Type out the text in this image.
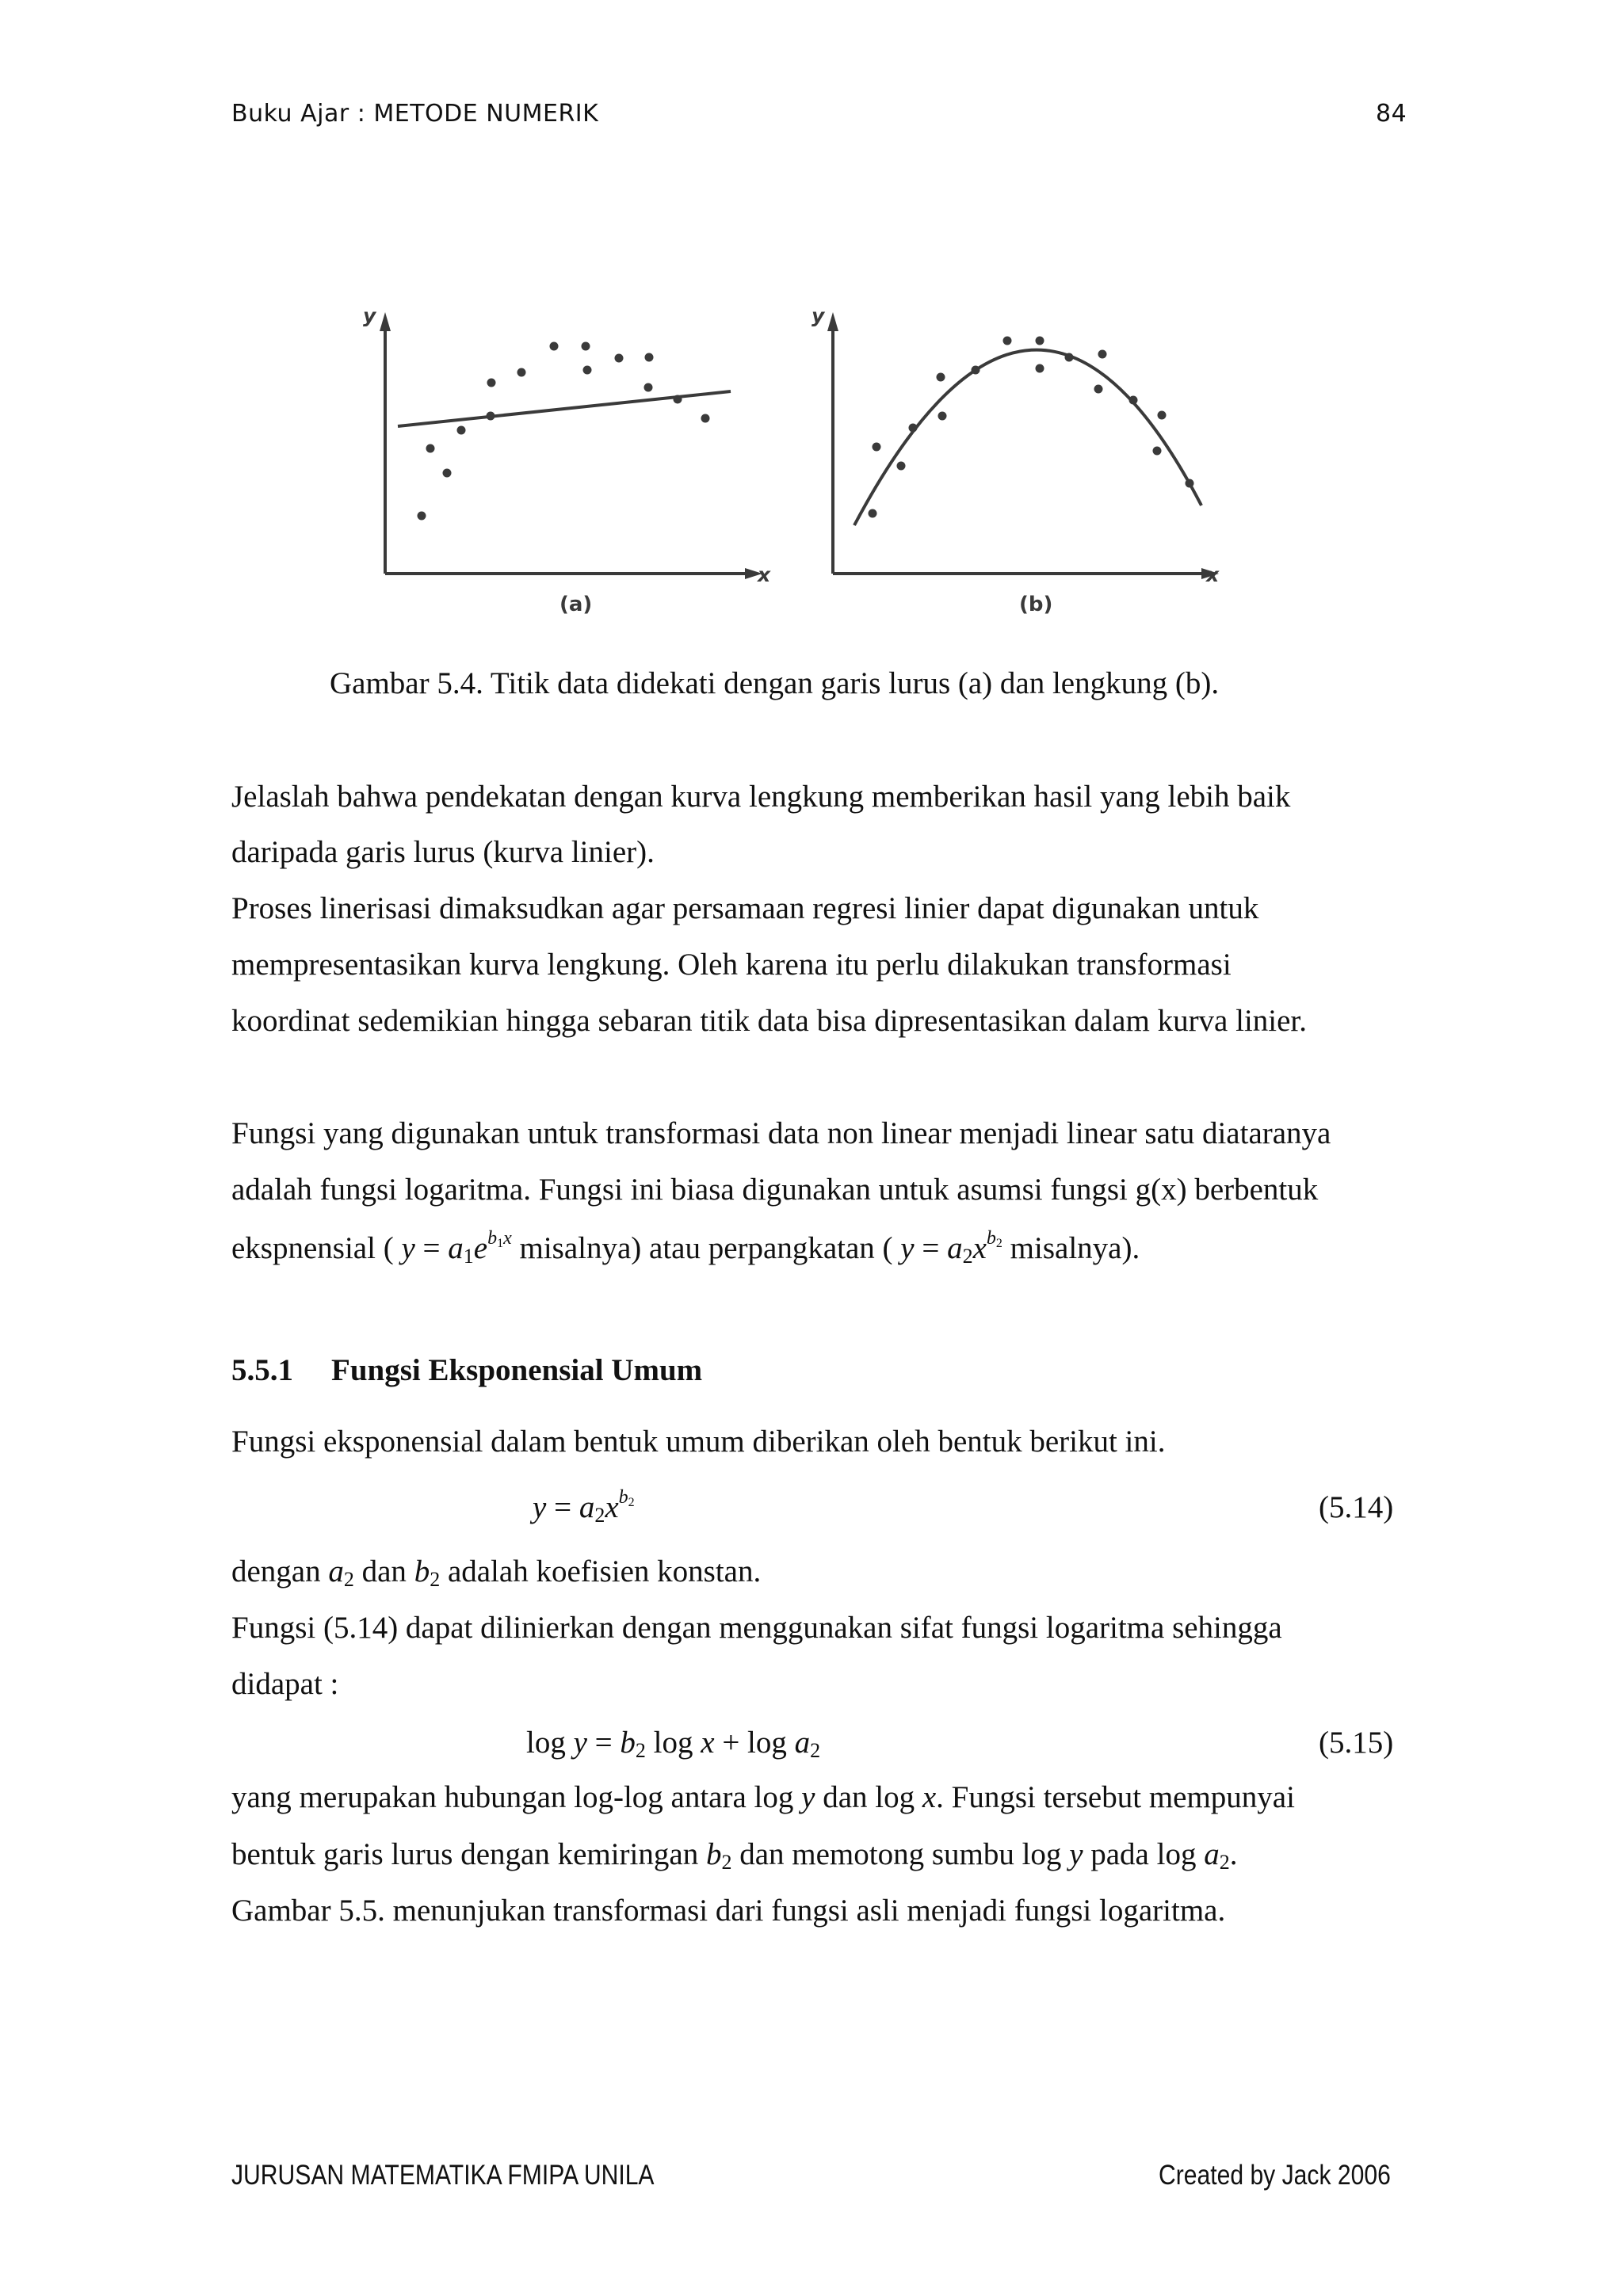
Buku Ajar : METODE NUMERIK	84
y
x
(a)
y
x
(b)
Gambar 5.4. Titik data didekati dengan garis lurus (a) dan lengkung (b).
Jelaslah bahwa pendekatan dengan kurva lengkung memberikan hasil yang lebih baik
daripada garis lurus (kurva linier).
Proses linerisasi dimaksudkan agar persamaan regresi linier dapat digunakan untuk
mempresentasikan kurva lengkung. Oleh karena itu perlu dilakukan transformasi
koordinat sedemikian hingga sebaran titik data bisa dipresentasikan dalam kurva linier.
Fungsi yang digunakan untuk transformasi data non linear menjadi linear satu diataranya
adalah fungsi logaritma. Fungsi ini biasa digunakan untuk asumsi fungsi g(x) berbentuk
ekspnensial ( $y = a_1e^{b_1x}$ misalnya) atau perpangkatan ( $y = a_2x^{b_2}$ misalnya).
5.5.1 Fungsi Eksponensial Umum
Fungsi eksponensial dalam bentuk umum diberikan oleh bentuk berikut ini.
$y = a_2x^{b_2}$	(5.14)
dengan $a_2$ dan $b_2$ adalah koefisien konstan.
Fungsi (5.14) dapat dilinierkan dengan menggunakan sifat fungsi logaritma sehingga
didapat :
$\log y = b_2$ $\log x + \log a_2$	(5.15)
yang merupakan hubungan log-log antara log y dan log x. Fungsi tersebut mempunyai
bentuk garis lurus dengan kemiringan $b_2$ dan memotong sumbu log y pada $\log a_2$.
Gambar 5.5. menunjukan transformasi dari fungsi asli menjadi fungsi logaritma.
JURUSAN MATEMATIKA FMIPA UNILA	Created by Jack 2006
